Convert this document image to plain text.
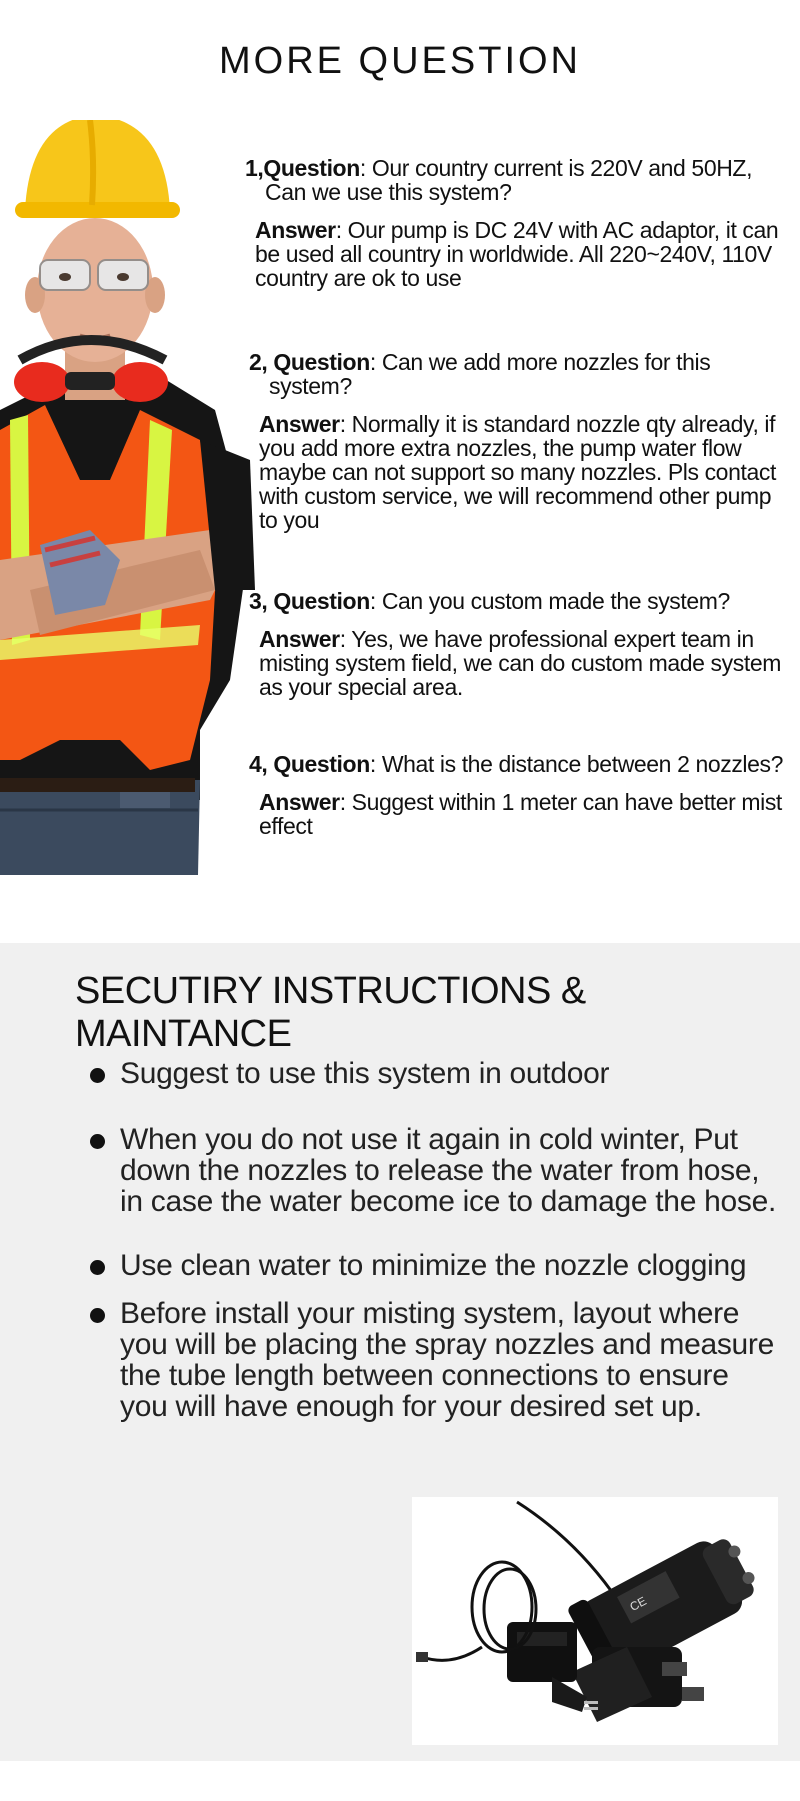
MORE QUESTION
1,Question: Our country current is 220V and 50HZ,
Can we use this system?
Answer: Our pump is DC 24V with AC adaptor, it can be used all country in worldwide. All 220~240V, 110V country are ok to use
2, Question: Can we add more nozzles for this
system?
Answer: Normally it is standard nozzle qty already, if you add more extra nozzles, the pump water flow maybe can not support so many nozzles. Pls contact with custom service, we will recommend other pump to you
3, Question: Can you custom made the system?
Answer: Yes, we have professional expert team in misting system field, we can do custom made system as your special area.
4, Question: What is the distance between 2 nozzles?
Answer: Suggest within 1 meter can have better mist effect
SECUTIRY INSTRUCTIONS & MAINTANCE
Suggest to use this system in outdoor
When you do not use it again in cold winter, Put down the nozzles to release the water from hose, in case the water become ice to damage the hose.
Use clean water to minimize the nozzle clogging
Before install your misting system, layout where you will be placing the spray nozzles and measure the tube length between connections to ensure you will have enough for your desired set up.
CE
